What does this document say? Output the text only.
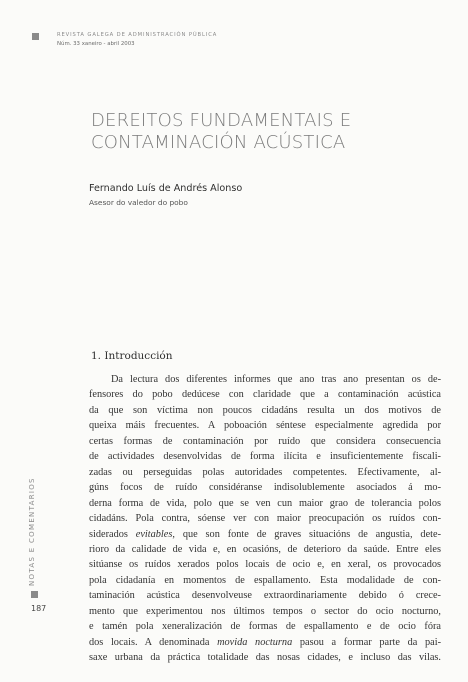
REVISTA GALEGA DE ADMINISTRACIÓN PÚBLICA
Núm. 33 xaneiro - abril 2003
DEREITOS FUNDAMENTAIS E
CONTAMINACIÓN ACÚSTICA
Fernando Luís de Andrés Alonso
Asesor do valedor do pobo
1. Introducción
Da lectura dos diferentes informes que ano tras ano presentan os de-
fensores do pobo dedúcese con claridade que a contaminación acústica
da que son víctima non poucos cidadáns resulta un dos motivos de
queixa máis frecuentes. A poboación séntese especialmente agredida por
certas formas de contaminación por ruído que considera consecuencia
de actividades desenvolvidas de forma ilícita e insuficientemente fiscali-
zadas ou perseguidas polas autoridades competentes. Efectivamente, al-
gúns focos de ruído considéranse indisolublemente asociados á mo-
derna forma de vida, polo que se ven cun maior grao de tolerancia polos
cidadáns. Pola contra, sóense ver con maior preocupación os ruídos con-
siderados evitables, que son fonte de graves situacións de angustia, dete-
rioro da calidade de vida e, en ocasións, de deterioro da saúde. Entre eles
sitúanse os ruídos xerados polos locais de ocio e, en xeral, os provocados
pola cidadanía en momentos de espallamento. Esta modalidade de con-
taminación acústica desenvolveuse extraordinariamente debido ó crece-
mento que experimentou nos últimos tempos o sector do ocio nocturno,
e tamén pola xeneralización de formas de espallamento e de ocio fóra
dos locais. A denominada movida nocturna pasou a formar parte da pai-
saxe urbana da práctica totalidade das nosas cidades, e incluso das vilas.
NOTAS E COMENTARIOS
187
